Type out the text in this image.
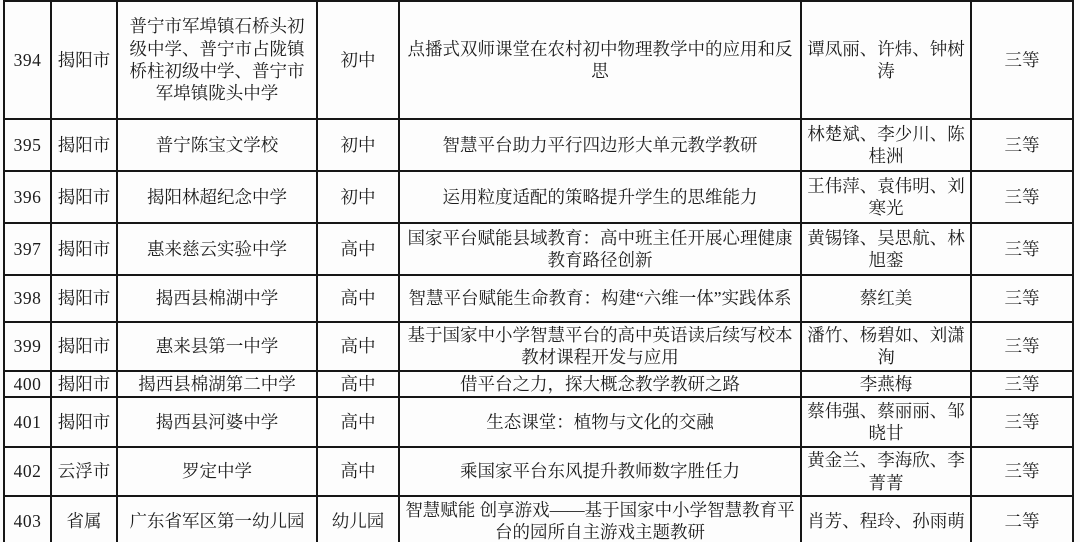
394	揭阳市	普宁市军埠镇石桥头初级中学、普宁市占陇镇桥柱初级中学、普宁市军埠镇陇头中学	初中	点播式双师课堂在农村初中物理教学中的应用和反思	谭凤丽、许炜、钟树涛	三等
395	揭阳市	普宁陈宝文学校	初中	智慧平台助力平行四边形大单元教学教研	林楚斌、李少川、陈桂洲	三等
396	揭阳市	揭阳林超纪念中学	初中	运用粒度适配的策略提升学生的思维能力	王伟萍、袁伟明、刘寒光	三等
397	揭阳市	惠来慈云实验中学	高中	国家平台赋能县域教育：高中班主任开展心理健康教育路径创新	黄锡锋、吴思航、林旭銮	三等
398	揭阳市	揭西县棉湖中学	高中	智慧平台赋能生命教育：构建“六维一体”实践体系	蔡红美	三等
399	揭阳市	惠来县第一中学	高中	基于国家中小学智慧平台的高中英语读后续写校本教材课程开发与应用	潘竹、杨碧如、刘潇洵	三等
400	揭阳市	揭西县棉湖第二中学	高中	借平台之力，探大概念教学教研之路	李燕梅	三等
401	揭阳市	揭西县河婆中学	高中	生态课堂：植物与文化的交融	蔡伟强、蔡丽丽、邹晓甘	三等
402	云浮市	罗定中学	高中	乘国家平台东风提升教师数字胜任力	黄金兰、李海欣、李菁菁	三等
403	省属	广东省军区第一幼儿园	幼儿园	智慧赋能 创享游戏——基于国家中小学智慧教育平台的园所自主游戏主题教研	肖芳、程玲、孙雨萌	二等
